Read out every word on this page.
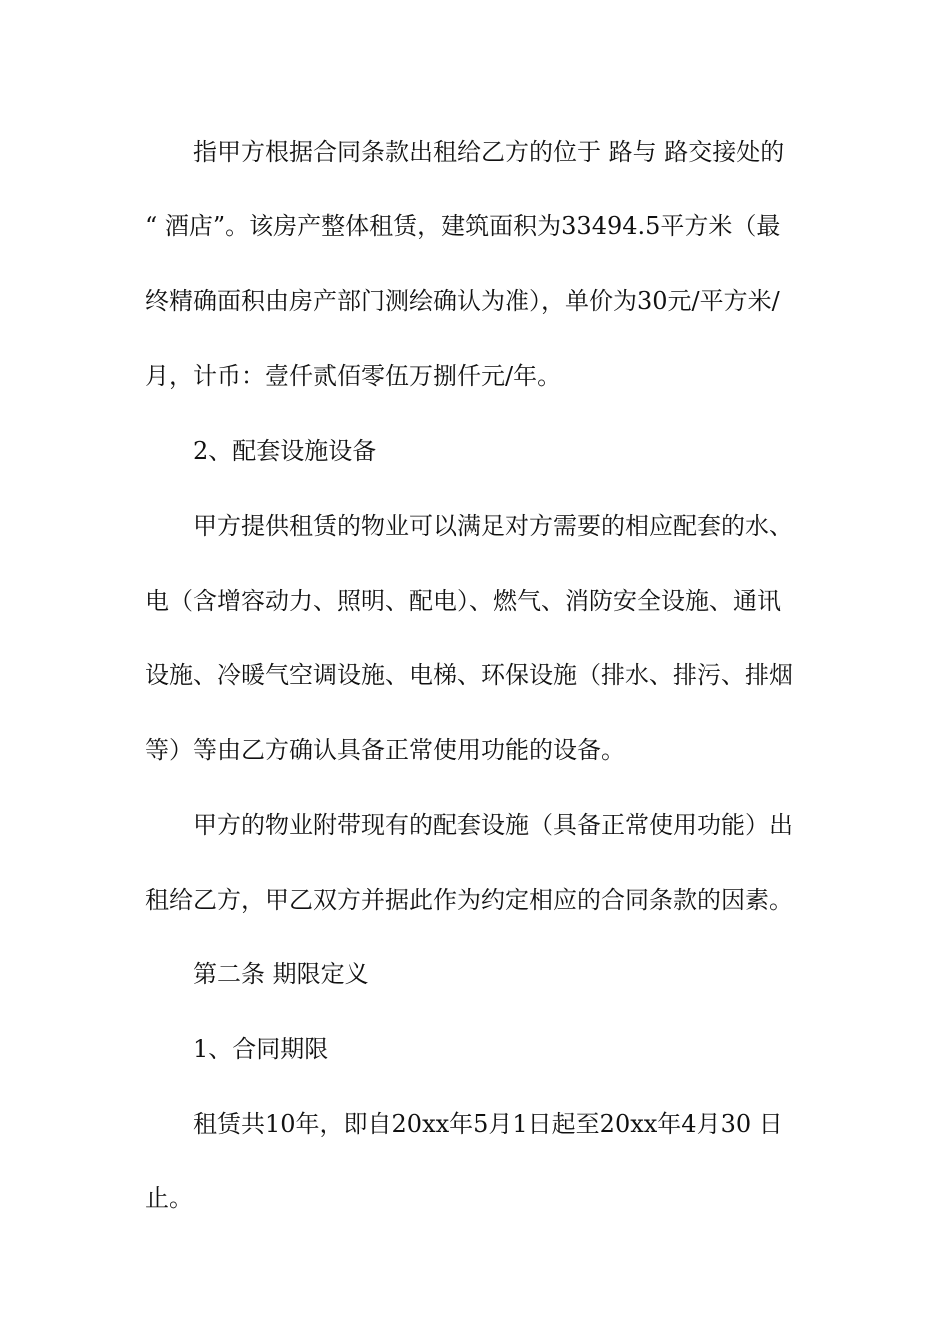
指甲方根据合同条款出租给乙方的位于 路与 路交接处的
“ 酒店”。该房产整体租赁，建筑面积为33494.5平方米（最
终精确面积由房产部门测绘确认为准），单价为30元/平方米/
月，计币：壹仟贰佰零伍万捌仟元/年。
2、配套设施设备
甲方提供租赁的物业可以满足对方需要的相应配套的水、
电（含增容动力、照明、配电）、燃气、消防安全设施、通讯
设施、冷暖气空调设施、电梯、环保设施（排水、排污、排烟
等）等由乙方确认具备正常使用功能的设备。
甲方的物业附带现有的配套设施（具备正常使用功能）出
租给乙方，甲乙双方并据此作为约定相应的合同条款的因素。
第二条 期限定义
1、合同期限
租赁共10年，即自20xx年5月1日起至20xx年4月30 日
止。
